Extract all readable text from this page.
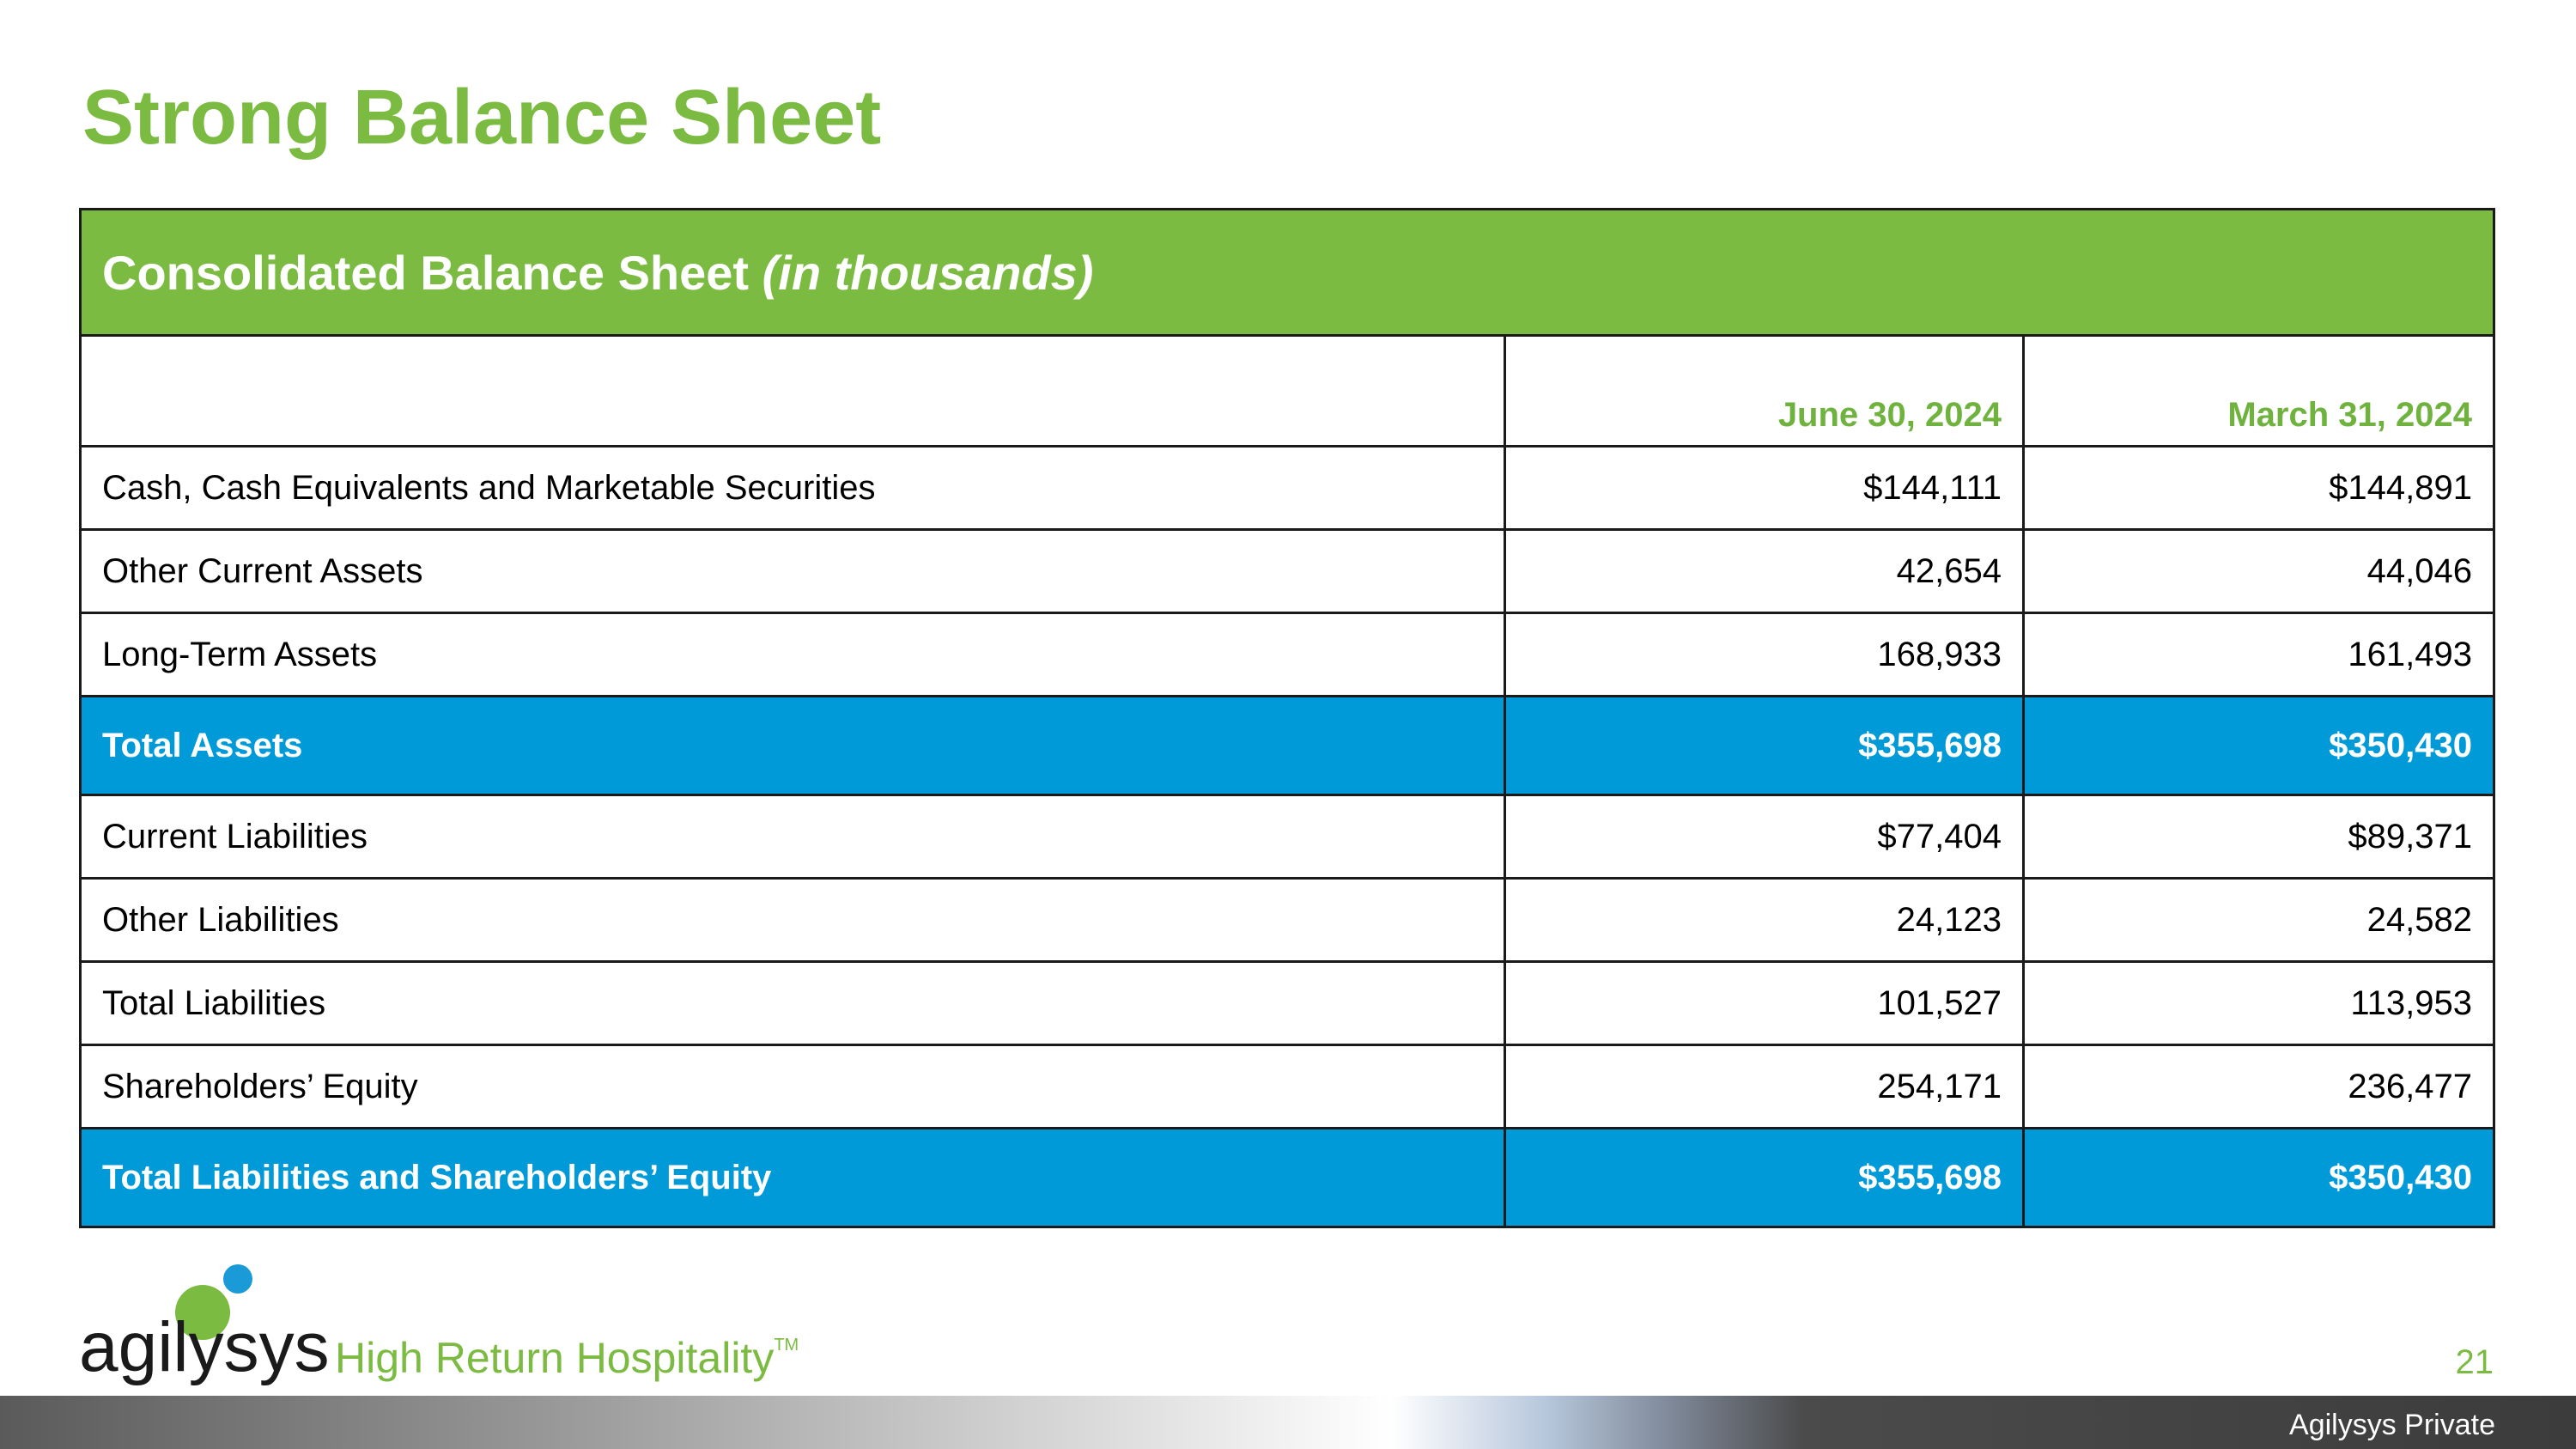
Strong Balance Sheet
Consolidated Balance Sheet (in thousands)		
	June 30, 2024	March 31, 2024
Cash, Cash Equivalents and Marketable Securities	$144,111	$144,891
Other Current Assets	42,654	44,046
Long-Term Assets	168,933	161,493
Total Assets	$355,698	$350,430
Current Liabilities	$77,404	$89,371
Other Liabilities	24,123	24,582
Total Liabilities	101,527	113,953
Shareholders’ Equity	254,171	236,477
Total Liabilities and Shareholders’ Equity	$355,698	$350,430
agilysys High Return Hospitality™	21
Agilysys Private
